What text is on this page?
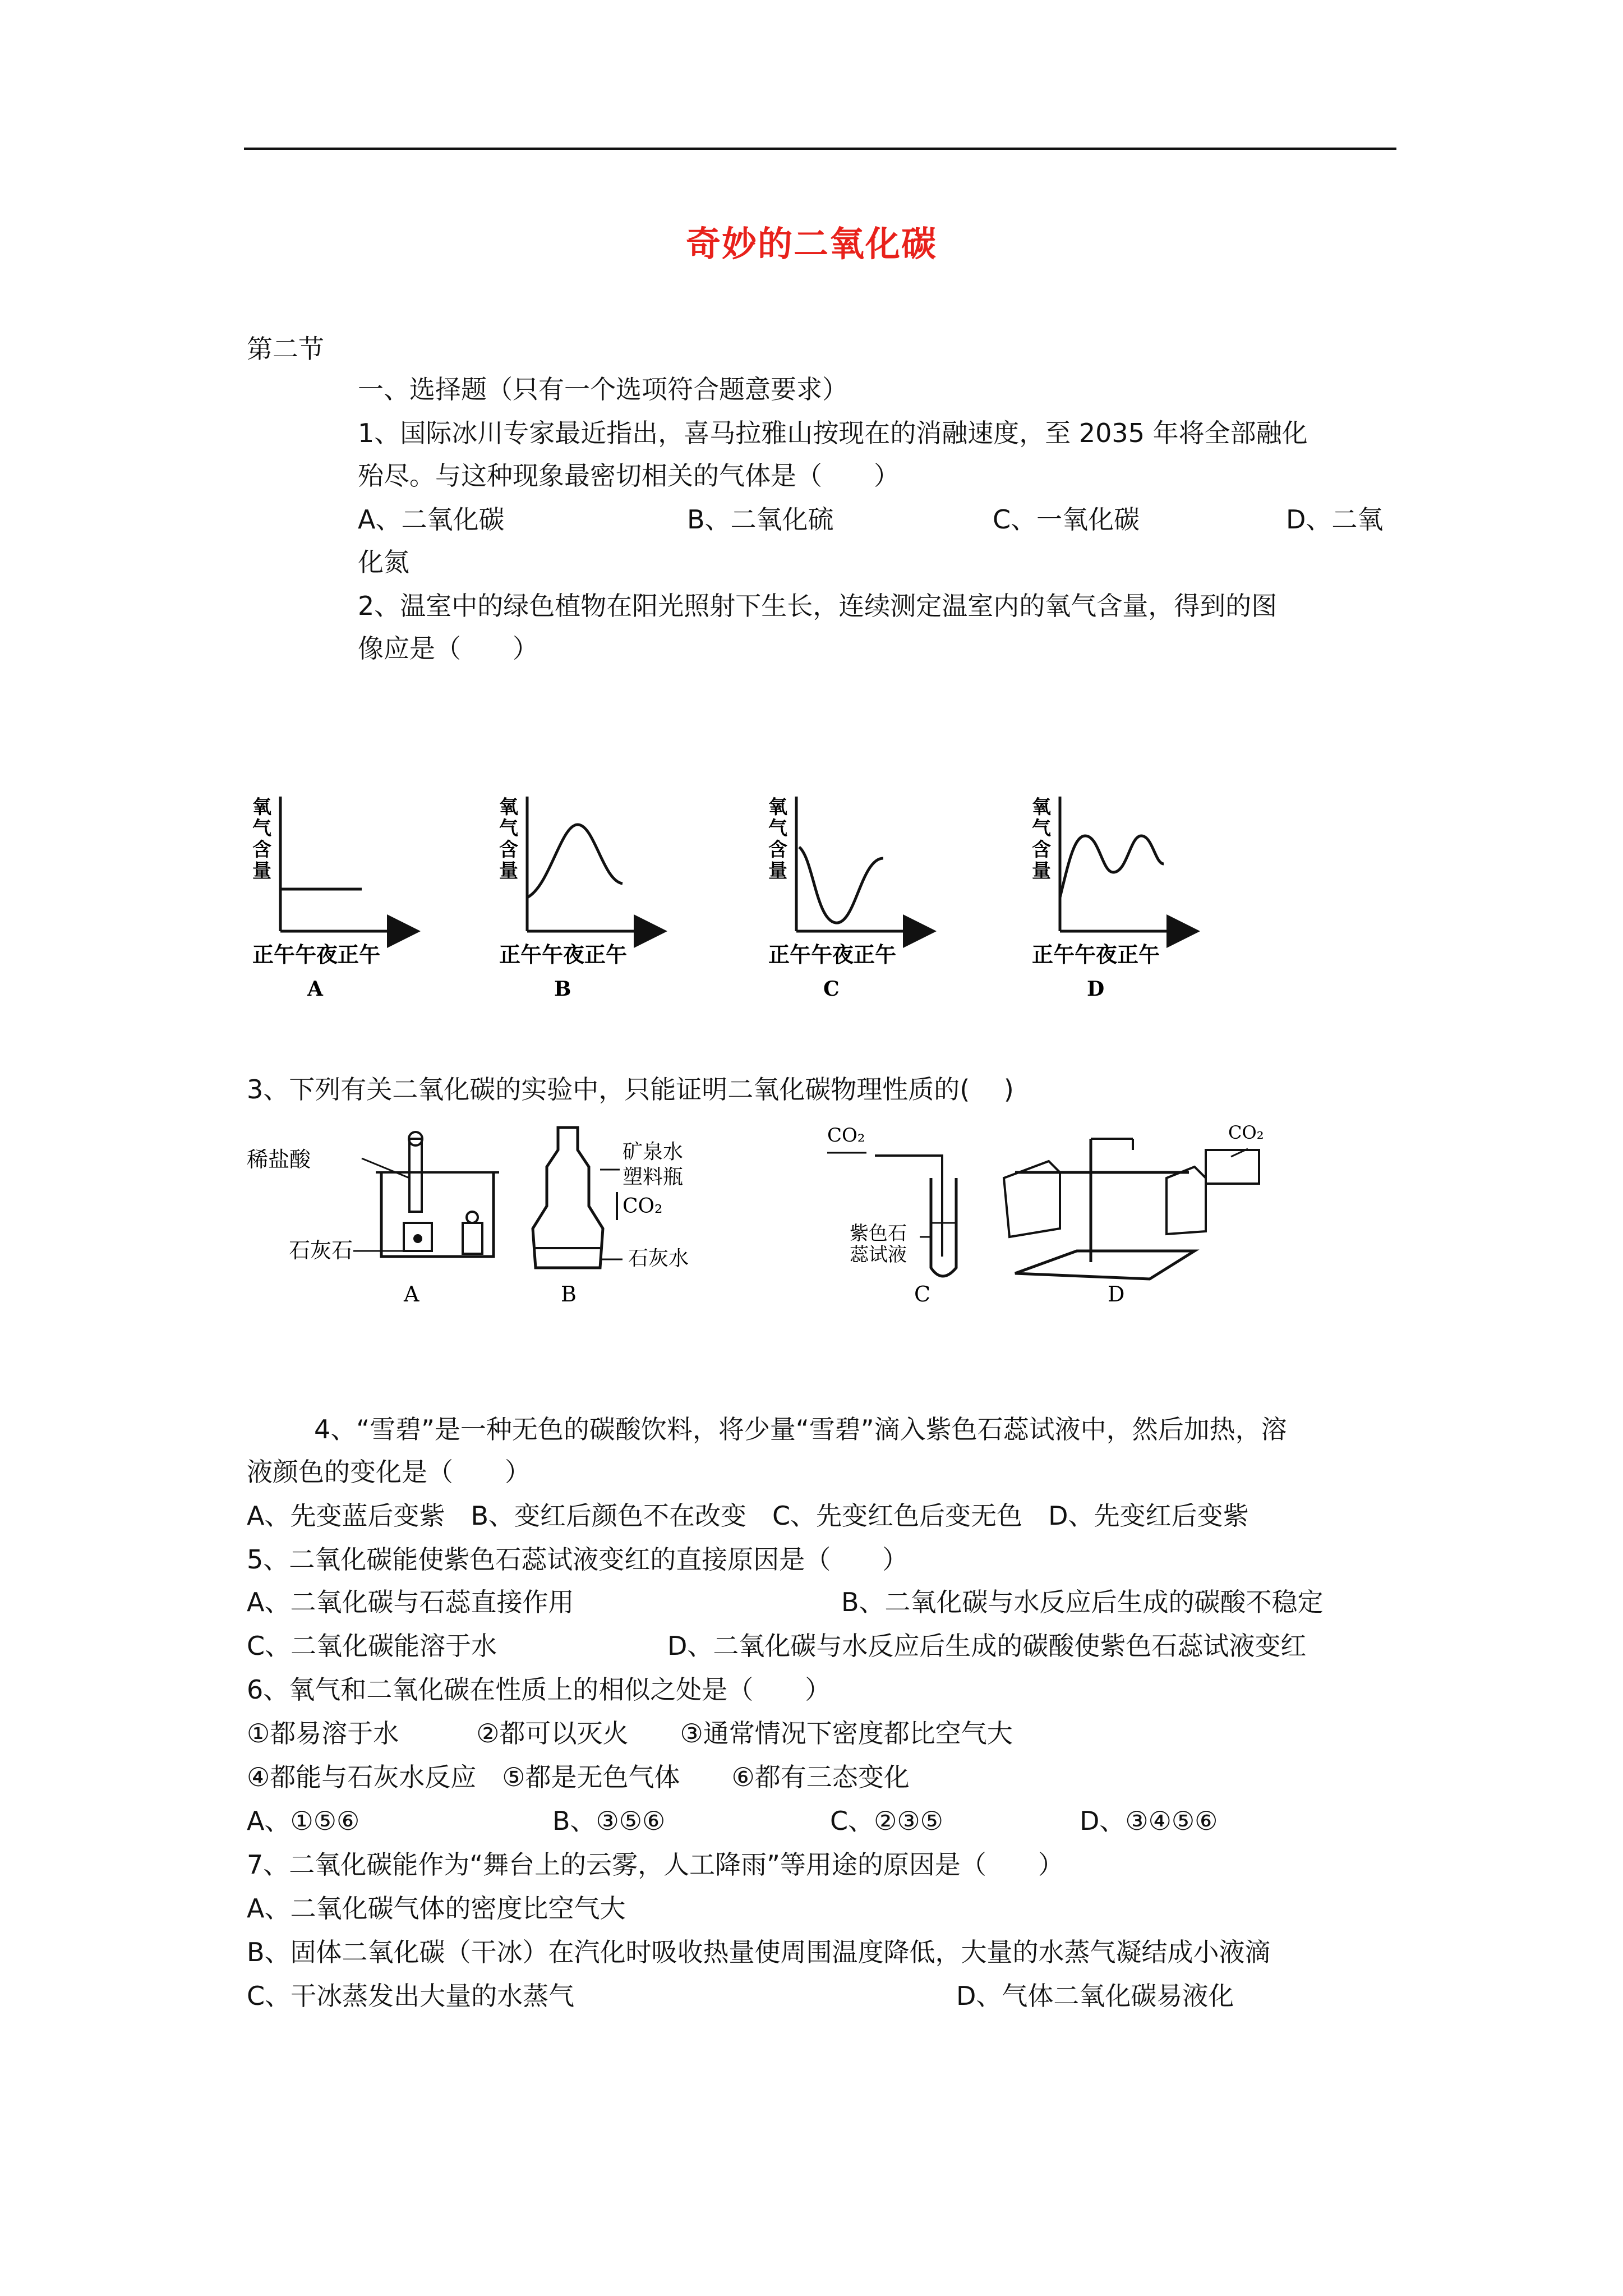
奇妙的二氧化碳
第二节
一、选择题（只有一个选项符合题意要求）
1、国际冰川专家最近指出，喜马拉雅山按现在的消融速度，至 2035 年将全部融化
殆尽。与这种现象最密切相关的气体是（　　）
A、二氧化碳	B、二氧化硫	C、一氧化碳	D、二氧
化氮
2、温室中的绿色植物在阳光照射下生长，连续测定温室内的氧气含量，得到的图
像应是（　　）
氧
气
含
量
正午午夜正午
A
氧
气
含
量
正午午夜正午
B
氧
气
含
量
正午午夜正午
C
氧
气
含
量
正午午夜正午
D
3、下列有关二氧化碳的实验中，只能证明二氧化碳物理性质的(　 )
稀盐酸
石灰石
A
矿泉水
塑料瓶
CO₂
石灰水
B
CO₂
紫色石
蕊试液
C
CO₂
D
4、“雪碧”是一种无色的碳酸饮料，将少量“雪碧”滴入紫色石蕊试液中，然后加热，溶
液颜色的变化是（　　）
A、先变蓝后变紫　B、变红后颜色不在改变　C、先变红色后变无色　D、先变红后变紫
5、二氧化碳能使紫色石蕊试液变红的直接原因是（　　）
A、二氧化碳与石蕊直接作用	B、二氧化碳与水反应后生成的碳酸不稳定
C、二氧化碳能溶于水	D、二氧化碳与水反应后生成的碳酸使紫色石蕊试液变红
6、氧气和二氧化碳在性质上的相似之处是（　　）
①都易溶于水　　　②都可以灭火　　③通常情况下密度都比空气大
④都能与石灰水反应　⑤都是无色气体　　⑥都有三态变化
A、①⑤⑥	B、③⑤⑥	C、②③⑤	D、③④⑤⑥
7、二氧化碳能作为“舞台上的云雾，人工降雨”等用途的原因是（　　）
A、二氧化碳气体的密度比空气大
B、固体二氧化碳（干冰）在汽化时吸收热量使周围温度降低，大量的水蒸气凝结成小液滴
C、干冰蒸发出大量的水蒸气	D、气体二氧化碳易液化
